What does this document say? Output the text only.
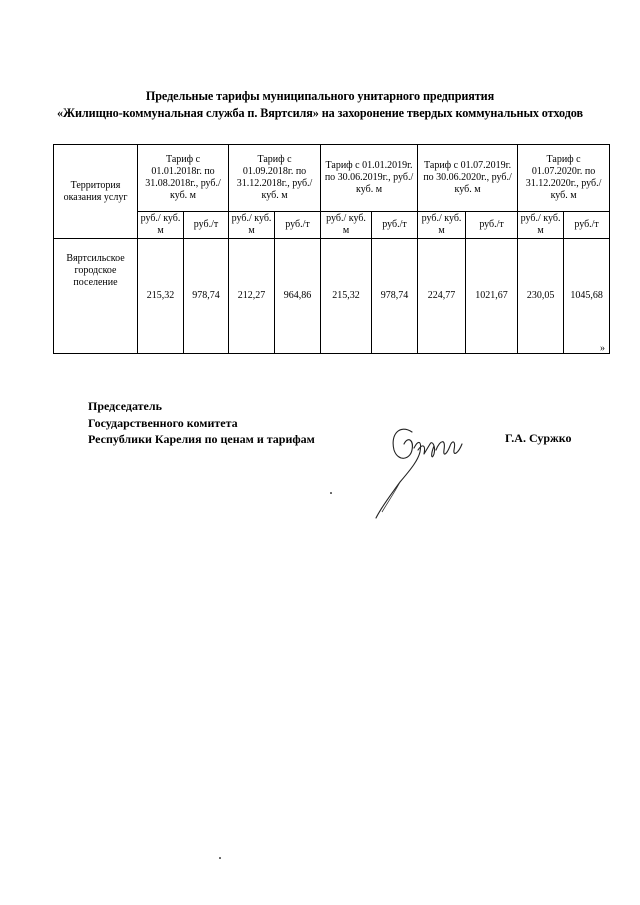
Предельные тарифы муниципального унитарного предприятия
«Жилищно-коммунальная служба п. Вяртсиля» на захоронение твердых коммунальных отходов
Территория оказания услуг	Тариф с 01.01.2018г. по 31.08.2018г., руб./куб. м		Тариф с 01.09.2018г. по 31.12.2018г., руб./куб. м		Тариф с 01.01.2019г. по 30.06.2019г., руб./куб. м		Тариф с 01.07.2019г. по 30.06.2020г., руб./куб. м		Тариф с 01.07.2020г. по 31.12.2020г., руб./куб. м	
	руб./ куб. м	руб./т	руб./ куб. м	руб./т	руб./ куб. м	руб./т	руб./ куб. м	руб./т	руб./ куб. м	руб./т
Вяртсильское городское поселение	215,32	978,74	212,27	964,86	215,32	978,74	224,77	1021,67	230,05	1045,68
»
Председатель
Государственного комитета
Республики Карелия по ценам и тарифам	Г.А. Суржко
